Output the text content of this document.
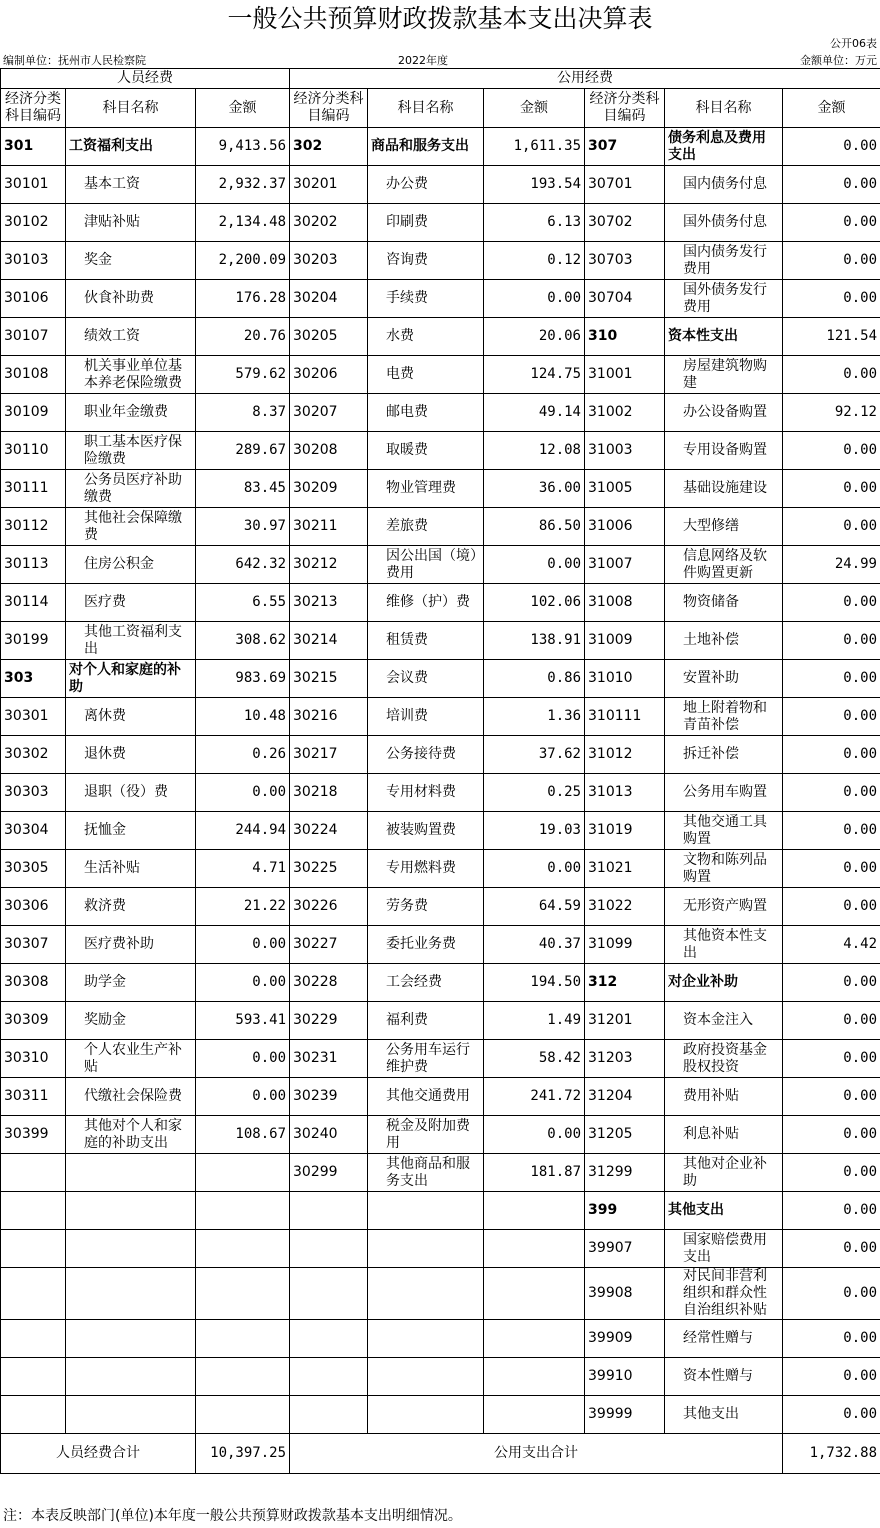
一般公共预算财政拨款基本支出决算表
公开06表
编制单位：抚州市人民检察院	2022年度	金额单位：万元
人员经费			公用经费					
经济分类科目编码	科目名称	金额	经济分类科目编码	科目名称	金额	经济分类科目编码	科目名称	金额
301	工资福利支出	9,413.56	302	商品和服务支出	1,611.35	307	债务利息及费用支出	0.00
30101	基本工资	2,932.37	30201	办公费	193.54	30701	国内债务付息	0.00
30102	津贴补贴	2,134.48	30202	印刷费	6.13	30702	国外债务付息	0.00
30103	奖金	2,200.09	30203	咨询费	0.12	30703	国内债务发行费用	0.00
30106	伙食补助费	176.28	30204	手续费	0.00	30704	国外债务发行费用	0.00
30107	绩效工资	20.76	30205	水费	20.06	310	资本性支出	121.54
30108	机关事业单位基本养老保险缴费	579.62	30206	电费	124.75	31001	房屋建筑物购建	0.00
30109	职业年金缴费	8.37	30207	邮电费	49.14	31002	办公设备购置	92.12
30110	职工基本医疗保险缴费	289.67	30208	取暖费	12.08	31003	专用设备购置	0.00
30111	公务员医疗补助缴费	83.45	30209	物业管理费	36.00	31005	基础设施建设	0.00
30112	其他社会保障缴费	30.97	30211	差旅费	86.50	31006	大型修缮	0.00
30113	住房公积金	642.32	30212	因公出国（境）费用	0.00	31007	信息网络及软件购置更新	24.99
30114	医疗费	6.55	30213	维修（护）费	102.06	31008	物资储备	0.00
30199	其他工资福利支出	308.62	30214	租赁费	138.91	31009	土地补偿	0.00
303	对个人和家庭的补助	983.69	30215	会议费	0.86	31010	安置补助	0.00
30301	离休费	10.48	30216	培训费	1.36	310111	地上附着物和青苗补偿	0.00
30302	退休费	0.26	30217	公务接待费	37.62	31012	拆迁补偿	0.00
30303	退职（役）费	0.00	30218	专用材料费	0.25	31013	公务用车购置	0.00
30304	抚恤金	244.94	30224	被装购置费	19.03	31019	其他交通工具购置	0.00
30305	生活补贴	4.71	30225	专用燃料费	0.00	31021	文物和陈列品购置	0.00
30306	救济费	21.22	30226	劳务费	64.59	31022	无形资产购置	0.00
30307	医疗费补助	0.00	30227	委托业务费	40.37	31099	其他资本性支出	4.42
30308	助学金	0.00	30228	工会经费	194.50	312	对企业补助	0.00
30309	奖励金	593.41	30229	福利费	1.49	31201	资本金注入	0.00
30310	个人农业生产补贴	0.00	30231	公务用车运行维护费	58.42	31203	政府投资基金股权投资	0.00
30311	代缴社会保险费	0.00	30239	其他交通费用	241.72	31204	费用补贴	0.00
30399	其他对个人和家庭的补助支出	108.67	30240	税金及附加费用	0.00	31205	利息补贴	0.00
			30299	其他商品和服务支出	181.87	31299	其他对企业补助	0.00
						399	其他支出	0.00
						39907	国家赔偿费用支出	0.00
						39908	对民间非营利组织和群众性自治组织补贴	0.00
						39909	经常性赠与	0.00
						39910	资本性赠与	0.00
						39999	其他支出	0.00
人员经费合计		10,397.25	公用支出合计					1,732.88
注：本表反映部门(单位)本年度一般公共预算财政拨款基本支出明细情况。
